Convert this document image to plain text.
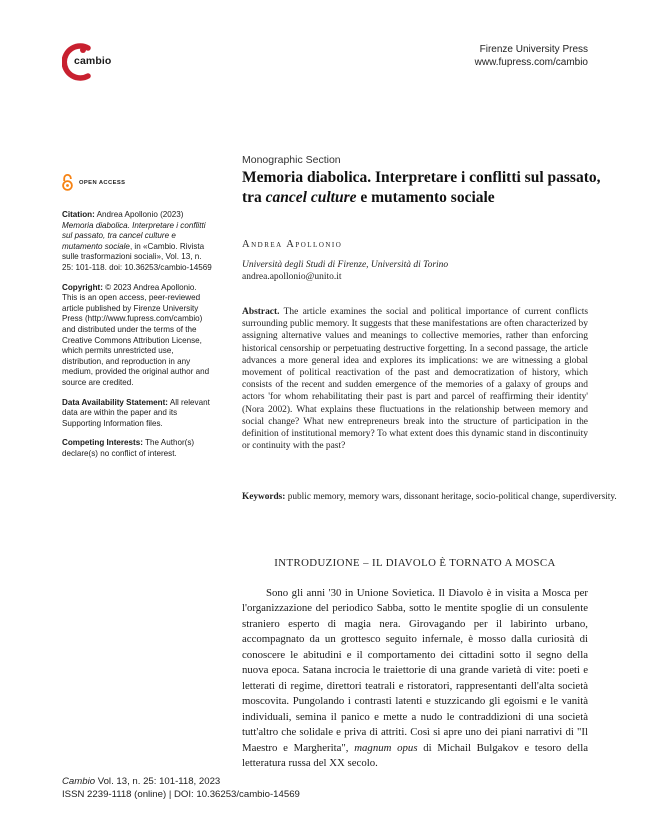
cambio
Firenze University Press
www.fupress.com/cambio
OPEN ACCESS

Citation: Andrea Apollonio (2023) Memoria diabolica. Interpretare i conflitti sul passato, tra cancel culture e mutamento sociale, in «Cambio. Rivista sulle trasformazioni sociali», Vol. 13, n. 25: 101-118. doi: 10.36253/cambio-14569

Copyright: © 2023 Andrea Apollonio. This is an open access, peer-reviewed article published by Firenze University Press (http://www.fupress.com/cambio) and distributed under the terms of the Creative Commons Attribution License, which permits unrestricted use, distribution, and reproduction in any medium, provided the original author and source are credited.

Data Availability Statement: All relevant data are within the paper and its Supporting Information files.

Competing Interests: The Author(s) declare(s) no conflict of interest.

Monographic Section
Memoria diabolica. Interpretare i conflitti sul passato, tra cancel culture e mutamento sociale
Andrea Apollonio
Università degli Studi di Firenze, Università di Torino
andrea.apollonio@unito.it

Abstract. The article examines the social and political importance of current conflicts surrounding public memory. It suggests that these manifestations are often characterized by assigning alternative values and meanings to collective memories, rather than enforcing historical censorship or perpetuating destructive forgetting. In a second passage, the article advances a more general idea and explores its implications: we are witnessing a global movement of political reactivation of the past and democratization of history, which consists of the recent and sudden emergence of the memories of a galaxy of groups and actors 'for whom rehabilitating their past is part and parcel of reaffirming their identity' (Nora 2002). What explains these fluctuations in the relationship between memory and social change? What new entrepreneurs break into the structure of participation in the definition of institutional memory? To what extent does this dynamic stand in discontinuity or continuity with the past?

Keywords: public memory, memory wars, dissonant heritage, socio-political change, superdiversity.

INTRODUZIONE – IL DIAVOLO È TORNATO A MOSCA

Sono gli anni '30 in Unione Sovietica. Il Diavolo è in visita a Mosca per l'organizzazione del periodico Sabba, sotto le mentite spoglie di un consulente straniero esperto di magia nera. Girovagando per il labirinto urbano, accompagnato da un grottesco seguito infernale, è mosso dalla curiosità di conoscere le abitudini e il comportamento dei cittadini sotto il segno della nuova epoca. Satana incrocia le traiettorie di una grande varietà di vite: poeti e letterati di regime, direttori teatrali e ristoratori, rappresentanti dell'alta società moscovita. Pungolando i contrasti latenti e stuzzicando gli egoismi e le vanità individuali, semina il panico e mette a nudo le contraddizioni di una società tutt'altro che solidale e priva di attriti. Così si apre uno dei piani narrativi di "Il Maestro e Margherita", magnum opus di Michail Bulgakov e tesoro della letteratura russa del XX secolo.

Cambio Vol. 13, n. 25: 101-118, 2023
ISSN 2239-1118 (online) | DOI: 10.36253/cambio-14569
